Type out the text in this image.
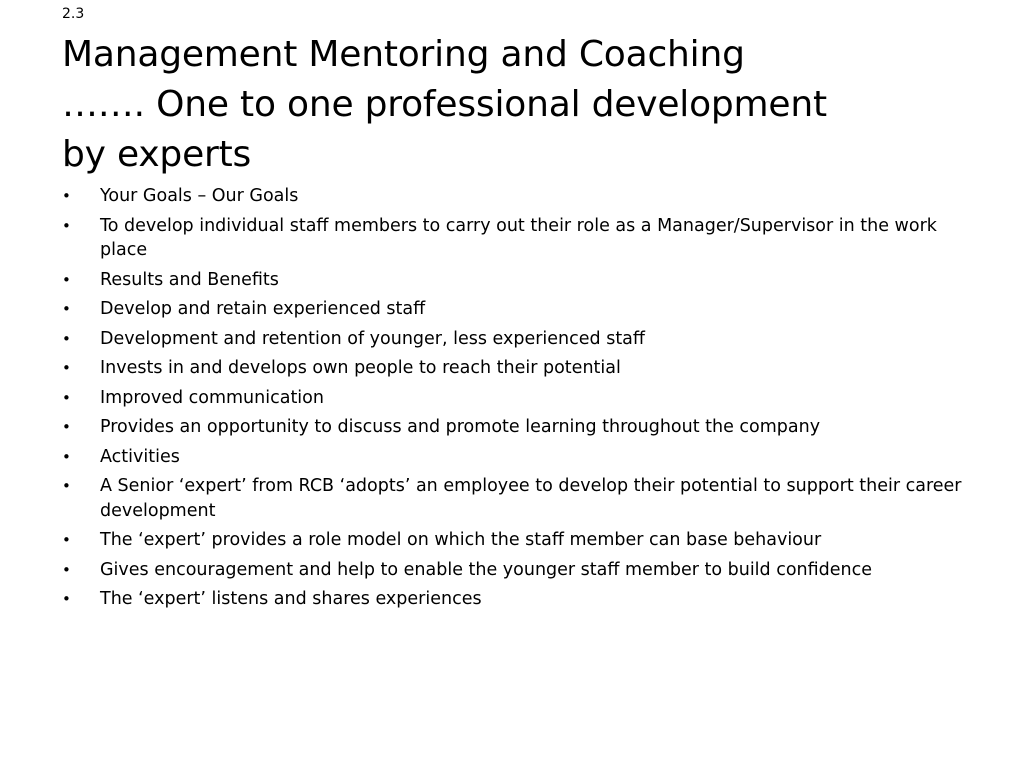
2.3
Management Mentoring and Coaching
……. One to one professional development
by experts
• Your Goals – Our Goals
• To develop individual staff members to carry out their role as a Manager/Supervisor in the work place
• Results and Benefits
• Develop and retain experienced staff
• Development and retention of younger, less experienced staff
• Invests in and develops own people to reach their potential
• Improved communication
• Provides an opportunity to discuss and promote learning throughout the company
• Activities
• A Senior ‘expert’ from RCB ‘adopts’ an employee to develop their potential to support their career development
• The ‘expert’ provides a role model on which the staff member can base behaviour
• Gives encouragement and help to enable the younger staff member to build confidence
• The ‘expert’ listens and shares experiences
